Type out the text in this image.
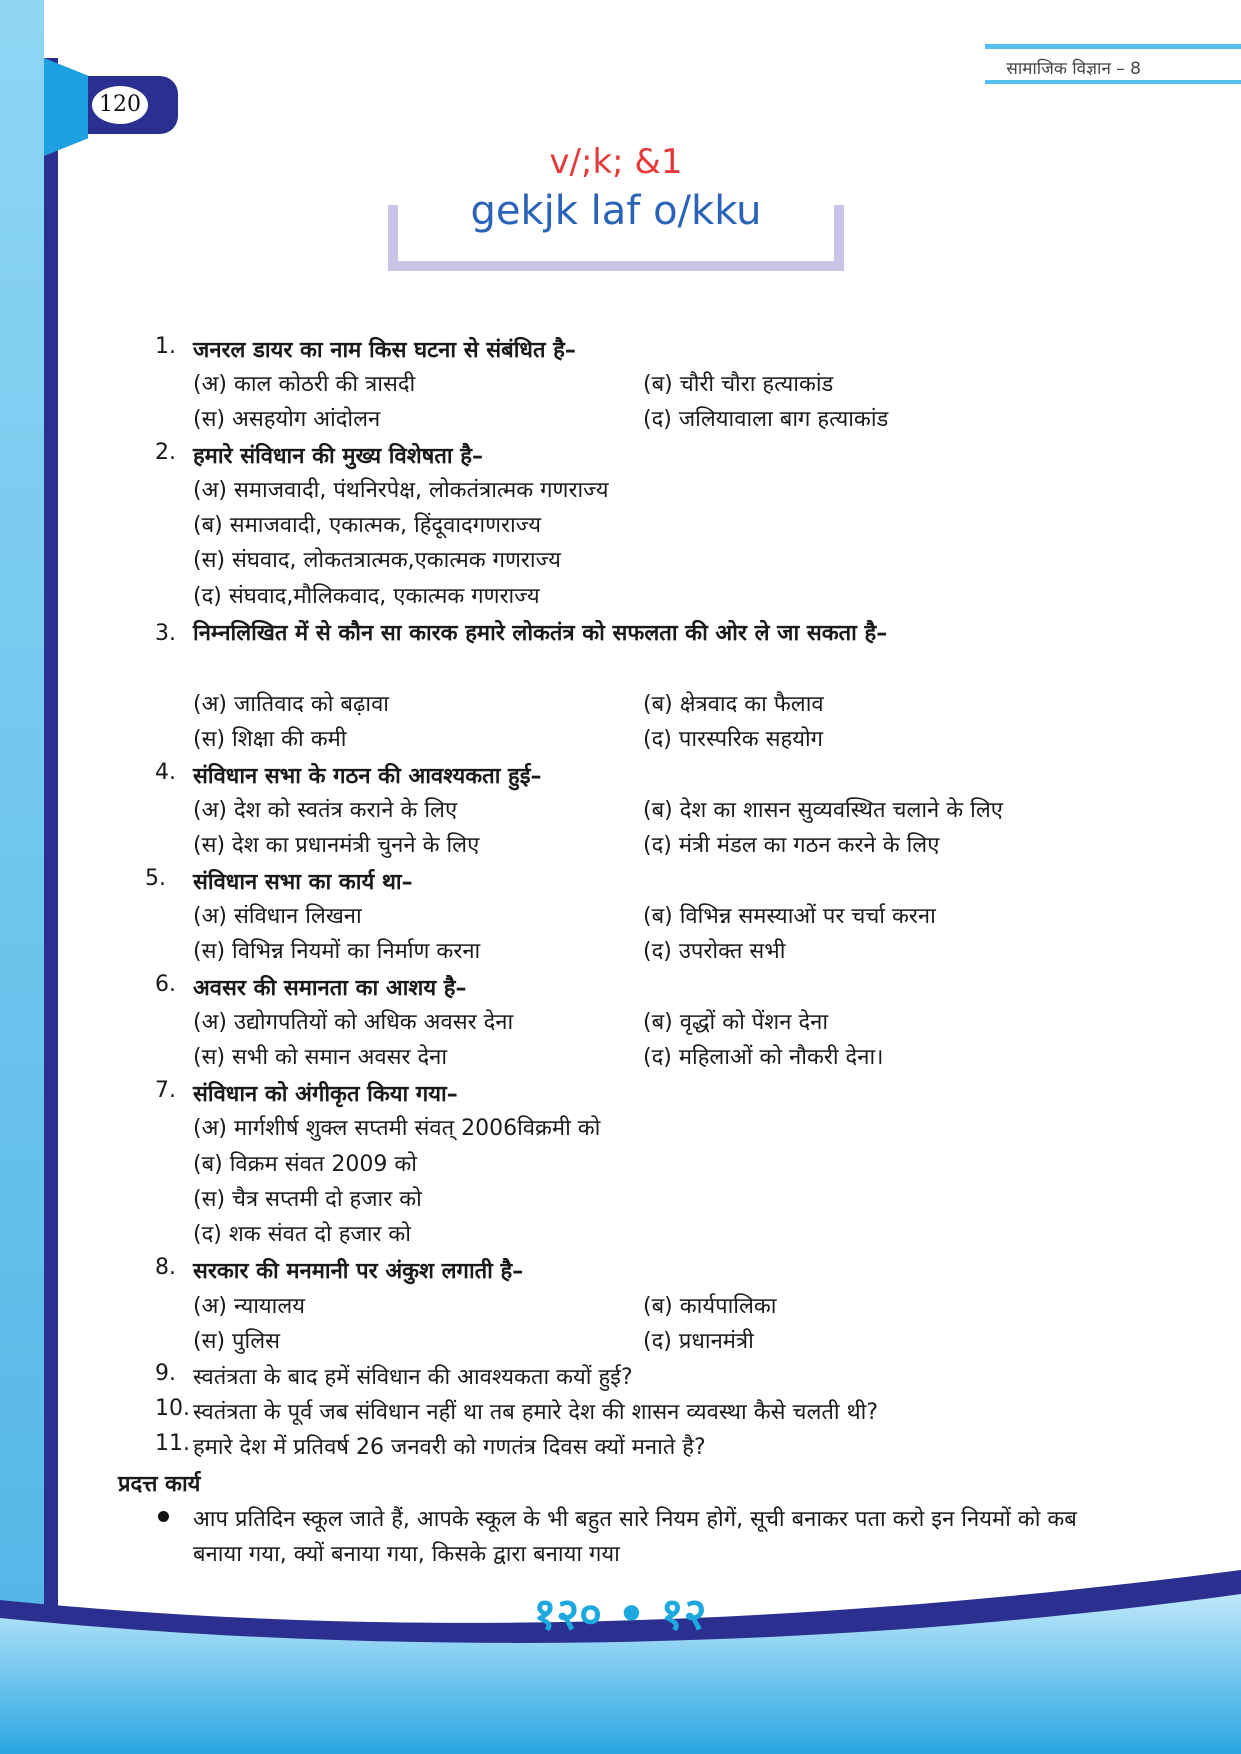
120
सामाजिक विज्ञान – 8
v/;k; &1
gekjk laf o/kku
1. जनरल डायर का नाम किस घटना से संबंधित है–
(अ) काल कोठरी की त्रासदी	(ब) चौरी चौरा हत्याकांड
(स) असहयोग आंदोलन	(द) जलियावाला बाग हत्याकांड
2. हमारे संविधान की मुख्य विशेषता है–
(अ) समाजवादी, पंथनिरपेक्ष, लोकतंत्रात्मक गणराज्य
(ब) समाजवादी, एकात्मक, हिंदूवादगणराज्य
(स) संघवाद, लोकतत्रात्मक,एकात्मक गणराज्य
(द) संघवाद,मौलिकवाद, एकात्मक गणराज्य
3. निम्नलिखित में से कौन सा कारक हमारे लोकतंत्र को सफलता की ओर ले जा सकता है–
(अ) जातिवाद को बढ़ावा	(ब) क्षेत्रवाद का फैलाव
(स) शिक्षा की कमी	(द) पारस्परिक सहयोग
4. संविधान सभा के गठन की आवश्यकता हुई–
(अ) देश को स्वतंत्र कराने के लिए	(ब) देश का शासन सुव्यवस्थित चलाने के लिए
(स) देश का प्रधानमंत्री चुनने के लिए	(द) मंत्री मंडल का गठन करने के लिए
5.	संविधान सभा का कार्य था–
(अ) संविधान लिखना	(ब) विभिन्न समस्याओं पर चर्चा करना
(स) विभिन्न नियमों का निर्माण करना	(द) उपरोक्त सभी
6. अवसर की समानता का आशय है–
(अ) उद्योगपतियों को अधिक अवसर देना	(ब) वृद्धों को पेंशन देना
(स) सभी को समान अवसर देना	(द) महिलाओं को नौकरी देना।
7. संविधान को अंगीकृत किया गया–
(अ) मार्गशीर्ष शुक्ल सप्तमी संवत् 2006विक्रमी को
(ब) विक्रम संवत 2009 को
(स) चैत्र सप्तमी दो हजार को
(द) शक संवत दो हजार को
8. सरकार की मनमानी पर अंकुश लगाती है–
(अ) न्यायालय	(ब) कार्यपालिका
(स) पुलिस	(द) प्रधानमंत्री
9. स्वतंत्रता के बाद हमें संविधान की आवश्यकता कयों हुई?
10. स्वतंत्रता के पूर्व जब संविधान नहीं था तब हमारे देश की शासन व्यवस्था कैसे चलती थी?
11. हमारे देश में प्रतिवर्ष 26 जनवरी को गणतंत्र दिवस क्यों मनाते है?
प्रदत्त कार्य
आप प्रतिदिन स्कूल जाते हैं, आपके स्कूल के भी बहुत सारे नियम होगें, सूची बनाकर पता करो इन नियमों को कब बनाया गया, क्यों बनाया गया, किसके द्वारा बनाया गया
१२० • १२
